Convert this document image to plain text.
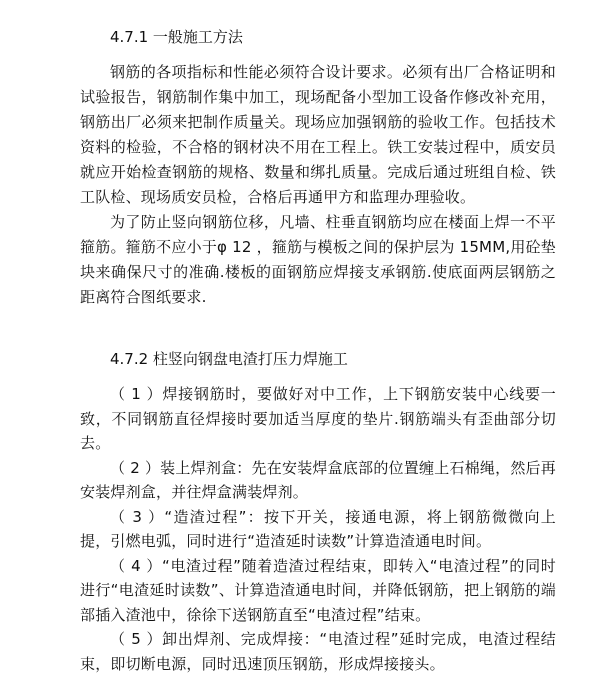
4.7.1 一般施工方法

钢筋的各项指标和性能必须符合设计要求。必须有出厂合格证明和试验报告，钢筋制作集中加工，现场配备小型加工设备作修改补充用，钢筋出厂必须来把制作质量关。现场应加强钢筋的验收工作。包括技术资料的检验，不合格的钢材决不用在工程上。铁工安装过程中，质安员就应开始检查钢筋的规格、数量和绑扎质量。完成后通过班组自检、铁工队检、现场质安员检，合格后再通甲方和监理办理验收。

为了防止竖向钢筋位移，凡墙、柱垂直钢筋均应在楼面上焊一不平箍筋。箍筋不应小于φ 12 ，箍筋与模板之间的保护层为 15MM,用砼垫块来确保尺寸的准确.楼板的面钢筋应焊接支承钢筋.使底面两层钢筋之距离符合图纸要求.

4.7.2 柱竖向钢盘电渣打压力焊施工

（ 1 ）焊接钢筋时，要做好对中工作，上下钢筋安装中心线要一致，不同钢筋直径焊接时要加适当厚度的垫片.钢筋端头有歪曲部分切去。

（ 2 ）装上焊剂盒：先在安装焊盒底部的位置缠上石棉绳，然后再安装焊剂盒，并往焊盒满装焊剂。

（ 3 ）“造渣过程”：按下开关，接通电源，将上钢筋微微向上提，引燃电弧，同时进行“造渣延时读数”计算造渣通电时间。

（ 4 ）“电渣过程”随着造渣过程结束，即转入“电渣过程”的同时进行“电渣延时读数”、计算造渣通电时间，并降低钢筋，把上钢筋的端部插入渣池中，徐徐下送钢筋直至“电渣过程”结束。

（ 5 ）卸出焊剂、完成焊接：“电渣过程”延时完成，电渣过程结束，即切断电源，同时迅速顶压钢筋，形成焊接接头。
